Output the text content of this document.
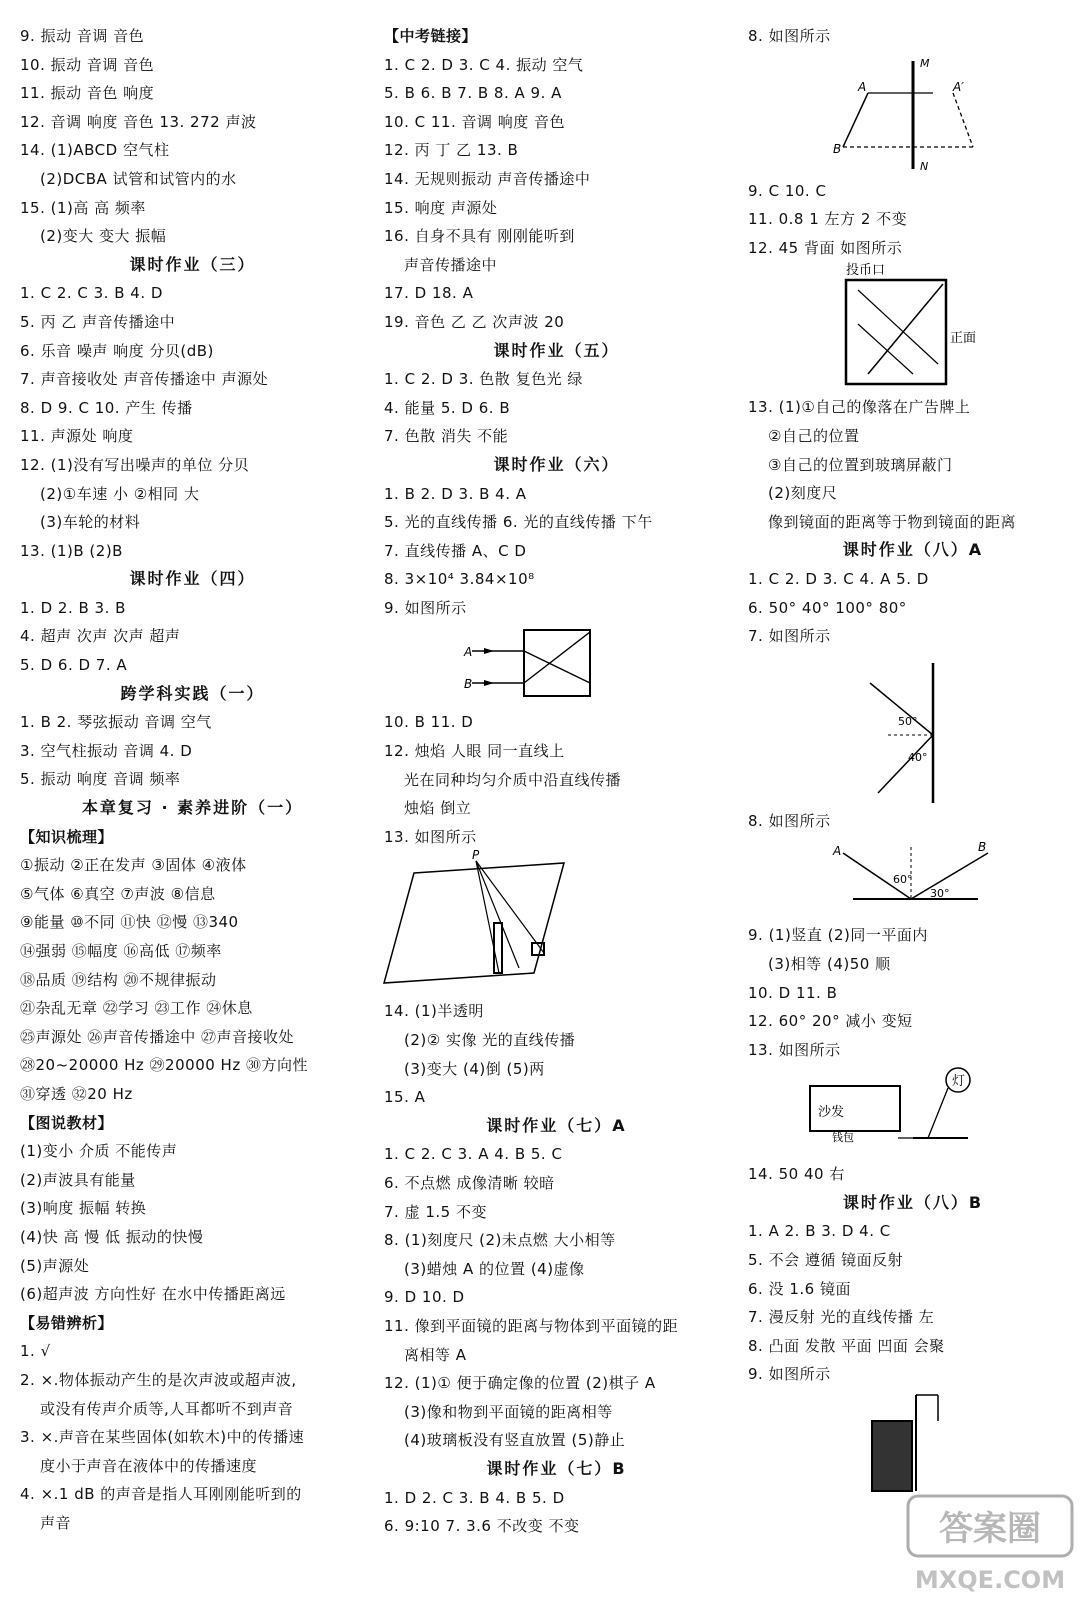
9. 振动 音调 音色
10. 振动 音调 音色
11. 振动 音色 响度
12. 音调 响度 音色 13. 272 声波
14. (1)ABCD 空气柱
(2)DCBA 试管和试管内的水
15. (1)高 高 频率
(2)变大 变大 振幅
课时作业（三）
1. C 2. C 3. B 4. D
5. 丙 乙 声音传播途中
6. 乐音 噪声 响度 分贝(dB)
7. 声音接收处 声音传播途中 声源处
8. D 9. C 10. 产生 传播
11. 声源处 响度
12. (1)没有写出噪声的单位 分贝
(2)①车速 小 ②相同 大
(3)车轮的材料
13. (1)B (2)B
课时作业（四）
1. D 2. B 3. B
4. 超声 次声 次声 超声
5. D 6. D 7. A
跨学科实践（一）
1. B 2. 琴弦振动 音调 空气
3. 空气柱振动 音调 4. D
5. 振动 响度 音调 频率
本章复习 · 素养进阶（一）
【知识梳理】
①振动 ②正在发声 ③固体 ④液体
⑤气体 ⑥真空 ⑦声波 ⑧信息
⑨能量 ⑩不同 ⑪快 ⑫慢 ⑬340
⑭强弱 ⑮幅度 ⑯高低 ⑰频率
⑱品质 ⑲结构 ⑳不规律振动
㉑杂乱无章 ㉒学习 ㉓工作 ㉔休息
㉕声源处 ㉖声音传播途中 ㉗声音接收处
㉘20~20000 Hz ㉙20000 Hz ㉚方向性
㉛穿透 ㉜20 Hz
【图说教材】
(1)变小 介质 不能传声
(2)声波具有能量
(3)响度 振幅 转换
(4)快 高 慢 低 振动的快慢
(5)声源处
(6)超声波 方向性好 在水中传播距离远
【易错辨析】
1. √
2. ×.物体振动产生的是次声波或超声波,
或没有传声介质等,人耳都听不到声音
3. ×.声音在某些固体(如软木)中的传播速
度小于声音在液体中的传播速度
4. ×.1 dB 的声音是指人耳刚刚能听到的
声音
【中考链接】
1. C 2. D 3. C 4. 振动 空气
5. B 6. B 7. B 8. A 9. A
10. C 11. 音调 响度 音色
12. 丙 丁 乙 13. B
14. 无规则振动 声音传播途中
15. 响度 声源处
16. 自身不具有 刚刚能听到
声音传播途中
17. D 18. A
19. 音色 乙 乙 次声波 20
课时作业（五）
1. C 2. D 3. 色散 复色光 绿
4. 能量 5. D 6. B
7. 色散 消失 不能
课时作业（六）
1. B 2. D 3. B 4. A
5. 光的直线传播 6. 光的直线传播 下午
7. 直线传播 A、C D
8. 3×10⁴ 3.84×10⁸
9. 如图所示
A
B
10. B 11. D
12. 烛焰 人眼 同一直线上
光在同种均匀介质中沿直线传播
烛焰 倒立
13. 如图所示
P
14. (1)半透明
(2)② 实像 光的直线传播
(3)变大 (4)倒 (5)两
15. A
课时作业（七）A
1. C 2. C 3. A 4. B 5. C
6. 不点燃 成像清晰 较暗
7. 虚 1.5 不变
8. (1)刻度尺 (2)未点燃 大小相等
(3)蜡烛 A 的位置 (4)虚像
9. D 10. D
11. 像到平面镜的距离与物体到平面镜的距
离相等 A
12. (1)① 便于确定像的位置 (2)棋子 A
(3)像和物到平面镜的距离相等
(4)玻璃板没有竖直放置 (5)静止
课时作业（七）B
1. D 2. C 3. B 4. B 5. D
6. 9:10 7. 3.6 不改变 不变
8. 如图所示
M
N
A
B
A′
9. C 10. C
11. 0.8 1 左方 2 不变
12. 45 背面 如图所示
投币口
正面
13. (1)①自己的像落在广告牌上
②自己的位置
③自己的位置到玻璃屏蔽门
(2)刻度尺
像到镜面的距离等于物到镜面的距离
课时作业（八）A
1. C 2. D 3. C 4. A 5. D
6. 50° 40° 100° 80°
7. 如图所示
50°
40°
8. 如图所示
A	B
60°
30°
9. (1)竖直 (2)同一平面内
(3)相等 (4)50 顺
10. D 11. B
12. 60° 20° 减小 变短
13. 如图所示
灯
沙发
钱包
14. 50 40 右
课时作业（八）B
1. A 2. B 3. D 4. C
5. 不会 遵循 镜面反射
6. 没 1.6 镜面
7. 漫反射 光的直线传播 左
8. 凸面 发散 平面 凹面 会聚
9. 如图所示
答案圈
MXQE.COM
